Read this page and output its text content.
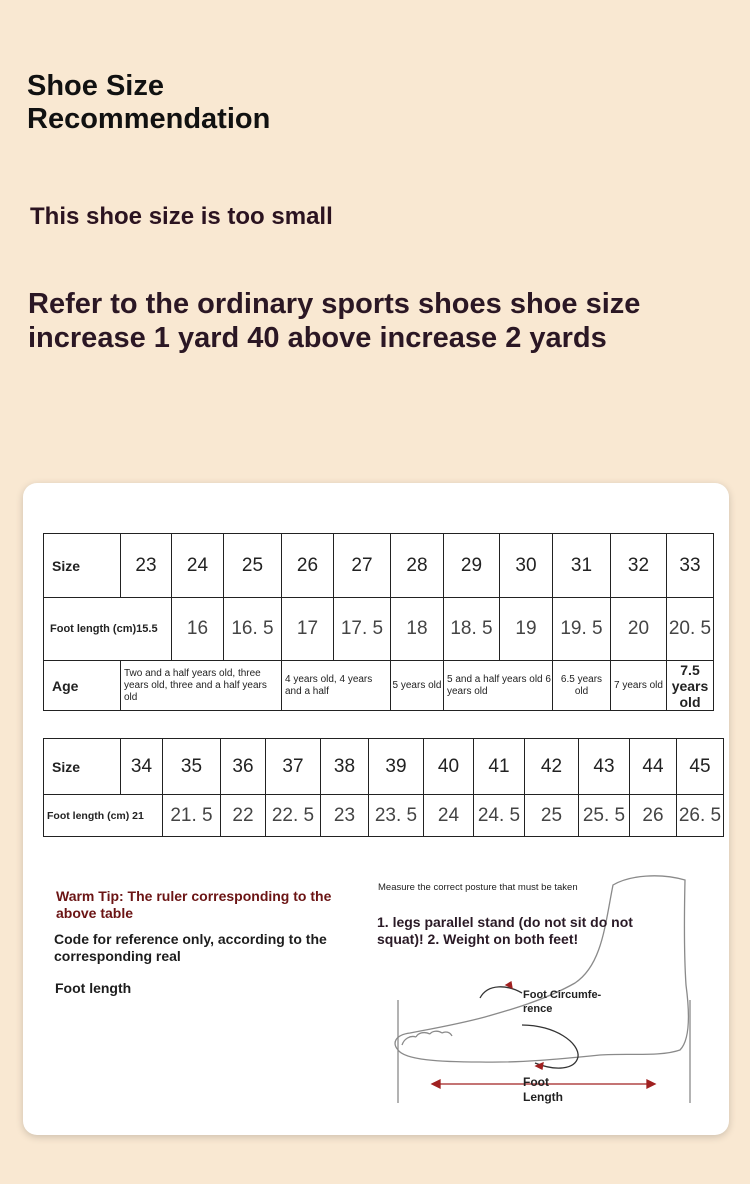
Shoe Size
Recommendation

This shoe size is too small

Refer to the ordinary sports shoes shoe size
increase 1 yard 40 above increase 2 yards

Size	23	24	25	26	27	28	29	30	31	32	33
Foot length (cm)15.5		16	16. 5	17	17. 5	18	18. 5	19	19. 5	20	20. 5
Age	Two and a half years old, three years old, three and a half years old			4 years old, 4 years and a half		5 years old	5 and a half years old 6 years old		6.5 years old	7 years old	7.5 years old
Size	34	35	36	37	38	39	40	41	42	43	44	45
Foot length (cm) 21		21. 5	22	22. 5	23	23. 5	24	24. 5	25	25. 5	26	26. 5

Warm Tip: The ruler corresponding to the above table

Code for reference only, according to the corresponding real

Foot length

Measure the correct posture that must be taken

1. legs parallel stand (do not sit do not squat)! 2. Weight on both feet!

Foot Circumfe-rence

Foot Length
